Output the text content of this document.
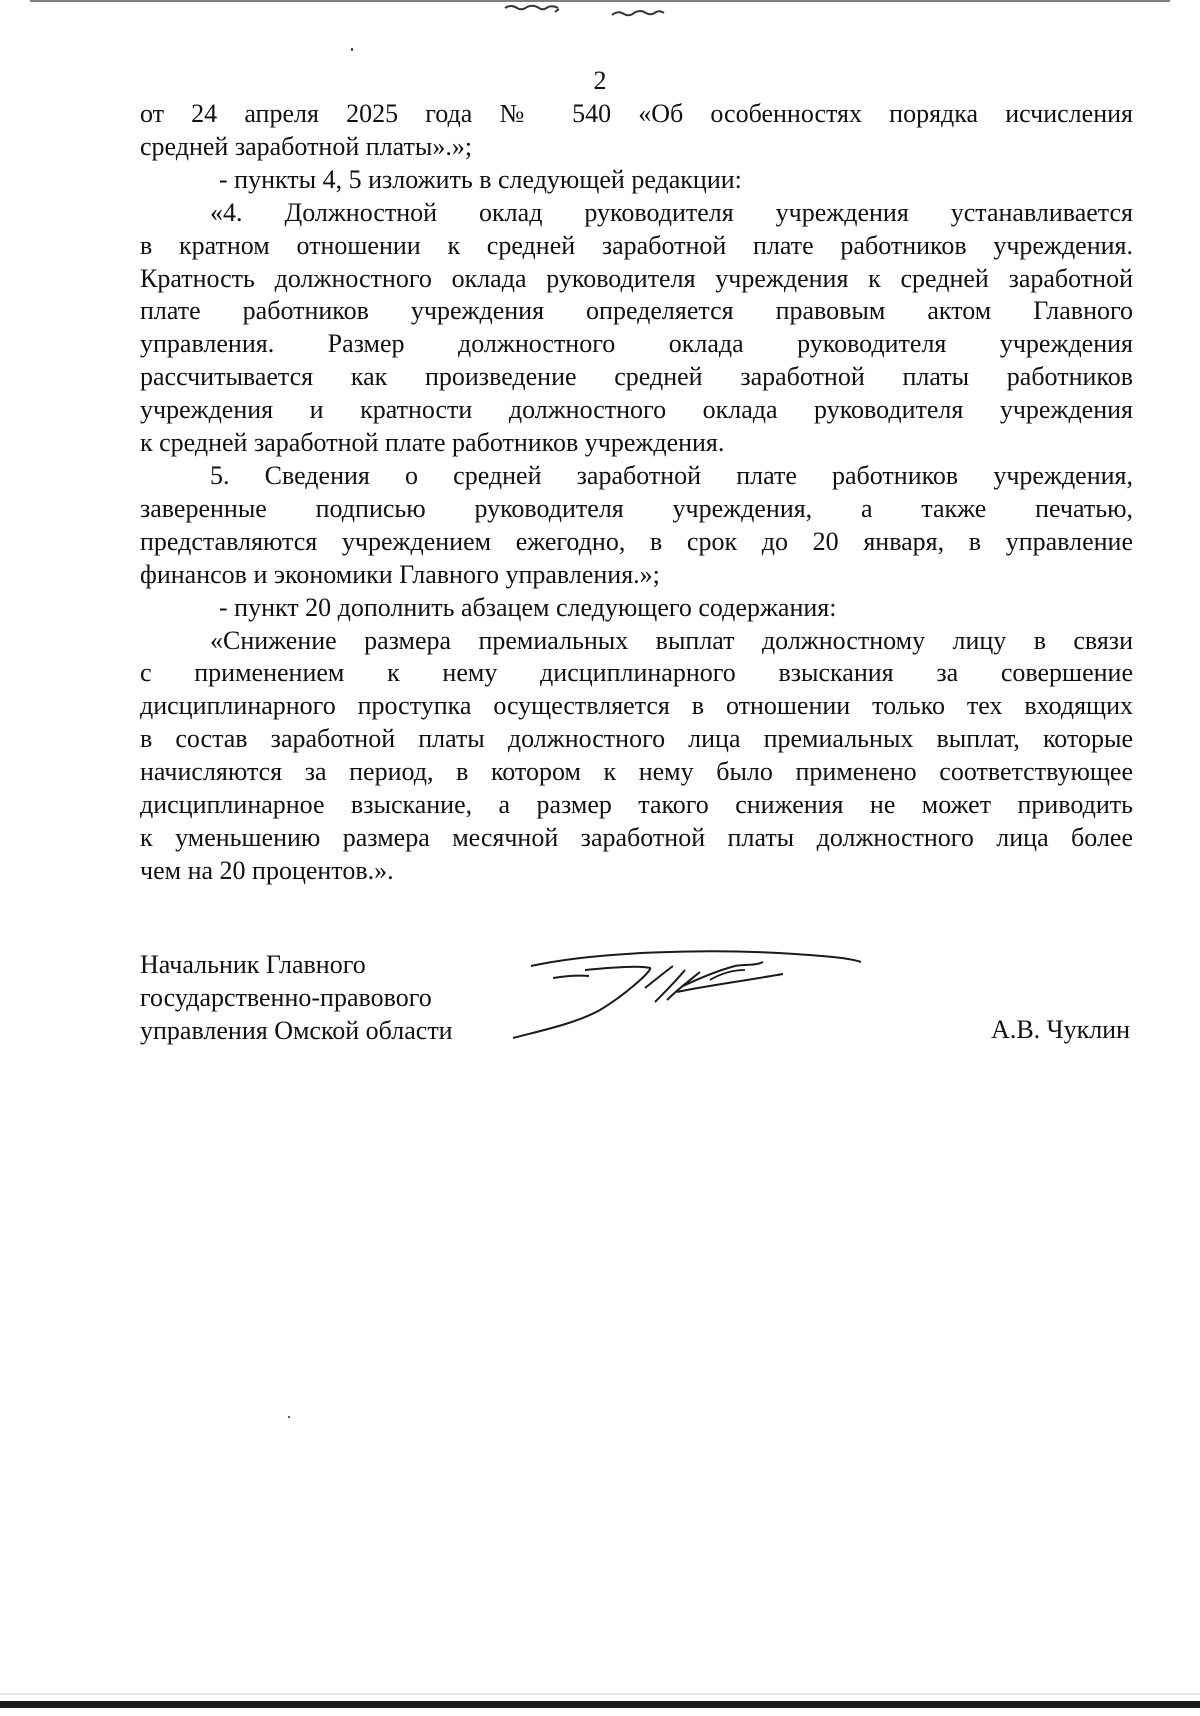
2

от 24 апреля 2025 года № 540 «Об особенностях порядка исчисления
средней заработной платы».»;

- пункты 4, 5 изложить в следующей редакции:

«4. Должностной оклад руководителя учреждения устанавливается
в кратном отношении к средней заработной плате работников учреждения.
Кратность должностного оклада руководителя учреждения к средней заработной
плате работников учреждения определяется правовым актом Главного
управления. Размер должностного оклада руководителя учреждения
рассчитывается как произведение средней заработной платы работников
учреждения и кратности должностного оклада руководителя учреждения
к средней заработной плате работников учреждения.

5. Сведения о средней заработной плате работников учреждения,
заверенные подписью руководителя учреждения, а также печатью,
представляются учреждением ежегодно, в срок до 20 января, в управление
финансов и экономики Главного управления.»;

- пункт 20 дополнить абзацем следующего содержания:

«Снижение размера премиальных выплат должностному лицу в связи
с применением к нему дисциплинарного взыскания за совершение
дисциплинарного проступка осуществляется в отношении только тех входящих
в состав заработной платы должностного лица премиальных выплат, которые
начисляются за период, в котором к нему было применено соответствующее
дисциплинарное взыскание, а размер такого снижения не может приводить
к уменьшению размера месячной заработной платы должностного лица более
чем на 20 процентов.».

Начальник Главного
государственно-правового
управления Омской области	А.В. Чуклин
